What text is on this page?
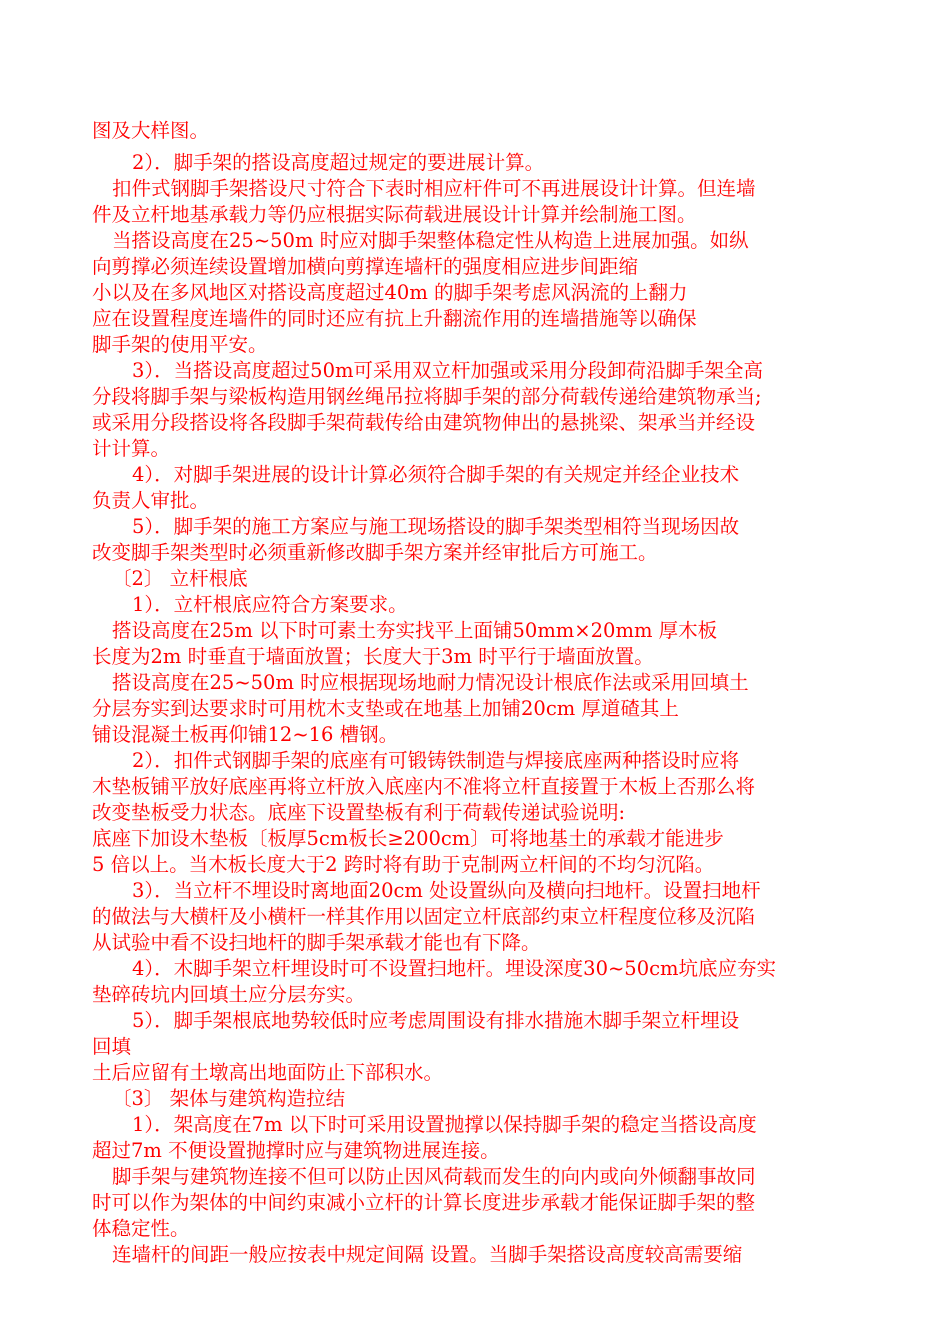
图及大样图。
2）．脚手架的搭设高度超过规定的要进展计算。
扣件式钢脚手架搭设尺寸符合下表时相应杆件可不再进展设计计算。但连墙
件及立杆地基承载力等仍应根据实际荷载进展设计计算并绘制施工图。
当搭设高度在25~50m 时应对脚手架整体稳定性从构造上进展加强。如纵
向剪撑必须连续设置增加横向剪撑连墙杆的强度相应进步间距缩
小以及在多风地区对搭设高度超过40m 的脚手架考虑风涡流的上翻力
应在设置程度连墙件的同时还应有抗上升翻流作用的连墙措施等以确保
脚手架的使用平安。
3）．当搭设高度超过50m可采用双立杆加强或采用分段卸荷沿脚手架全高
分段将脚手架与梁板构造用钢丝绳吊拉将脚手架的部分荷载传递给建筑物承当;
或采用分段搭设将各段脚手架荷载传给由建筑物伸出的悬挑梁、架承当并经设
计计算。
4）．对脚手架进展的设计计算必须符合脚手架的有关规定并经企业技术
负责人审批。
5）．脚手架的施工方案应与施工现场搭设的脚手架类型相符当现场因故
改变脚手架类型时必须重新修改脚手架方案并经审批后方可施工。
〔2〕 立杆根底
1）．立杆根底应符合方案要求。
搭设高度在25m 以下时可素土夯实找平上面铺50mm×20mm 厚木板
长度为2m 时垂直于墙面放置；长度大于3m 时平行于墙面放置。
搭设高度在25~50m 时应根据现场地耐力情况设计根底作法或采用回填土
分层夯实到达要求时可用枕木支垫或在地基上加铺20cm 厚道碴其上
铺设混凝土板再仰铺12~16 槽钢。
2）．扣件式钢脚手架的底座有可锻铸铁制造与焊接底座两种搭设时应将
木垫板铺平放好底座再将立杆放入底座内不准将立杆直接置于木板上否那么将
改变垫板受力状态。底座下设置垫板有利于荷载传递试验说明:
底座下加设木垫板〔板厚5cm板长≥200cm〕可将地基土的承载才能进步
5 倍以上。当木板长度大于2 跨时将有助于克制两立杆间的不均匀沉陷。
3）．当立杆不埋设时离地面20cm 处设置纵向及横向扫地杆。设置扫地杆
的做法与大横杆及小横杆一样其作用以固定立杆底部约束立杆程度位移及沉陷
从试验中看不设扫地杆的脚手架承载才能也有下降。
4）．木脚手架立杆埋设时可不设置扫地杆。埋设深度30~50cm坑底应夯实
垫碎砖坑内回填土应分层夯实。
5）．脚手架根底地势较低时应考虑周围设有排水措施木脚手架立杆埋设
回填
土后应留有土墩高出地面防止下部积水。
〔3〕 架体与建筑构造拉结
1）．架高度在7m 以下时可采用设置抛撑以保持脚手架的稳定当搭设高度
超过7m 不便设置抛撑时应与建筑物进展连接。
脚手架与建筑物连接不但可以防止因风荷载而发生的向内或向外倾翻事故同
时可以作为架体的中间约束减小立杆的计算长度进步承载才能保证脚手架的整
体稳定性。
连墙杆的间距一般应按表中规定间隔 设置。当脚手架搭设高度较高需要缩
